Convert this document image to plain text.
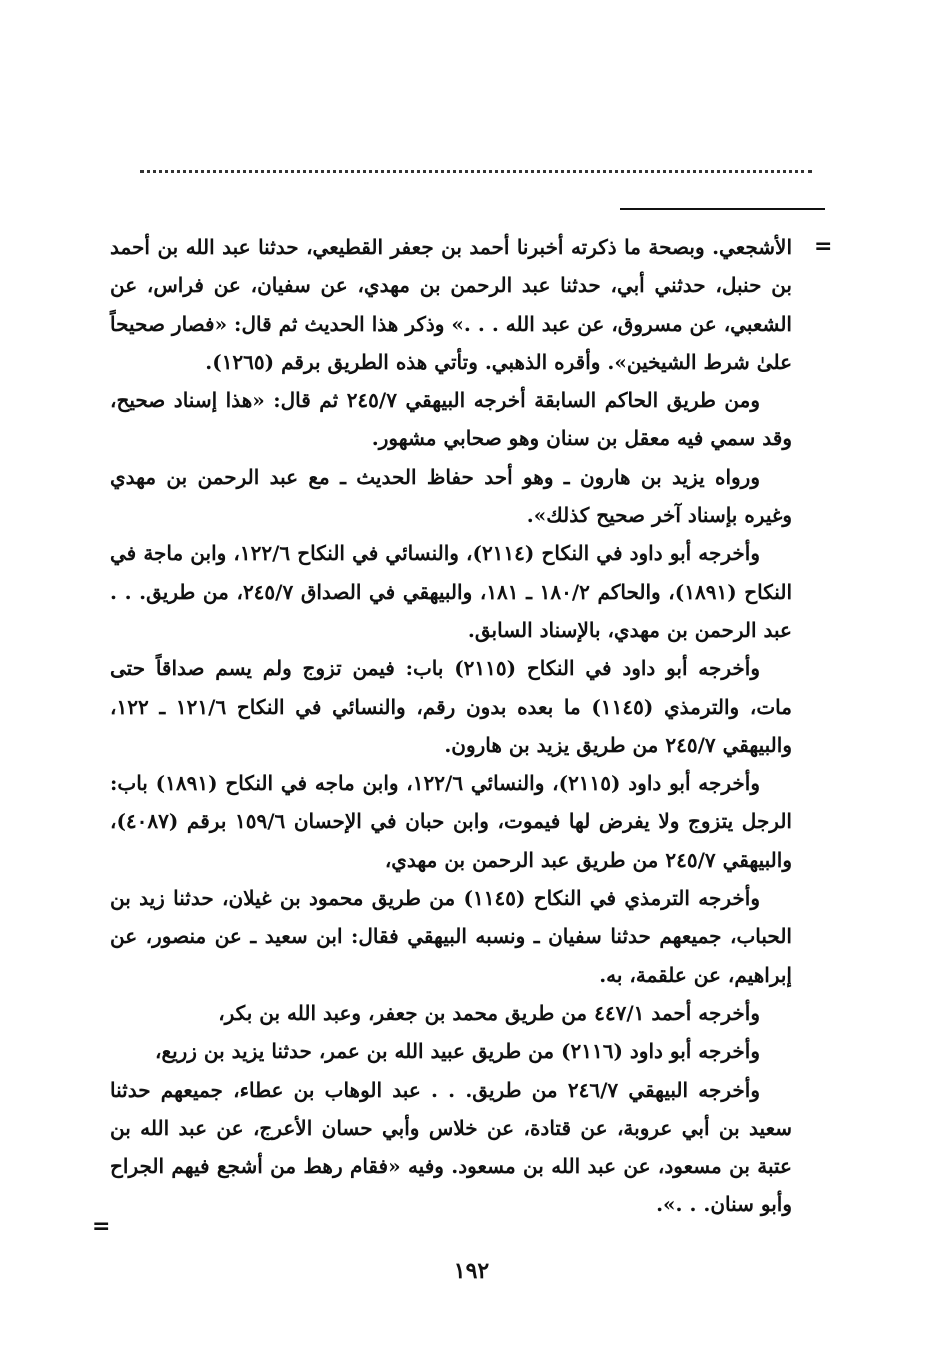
=

الأشجعي. وبصحة ما ذكرته أخبرنا أحمد بن جعفر القطيعي، حدثنا عبد الله بن أحمد بن حنبل، حدثني أبي، حدثنا عبد الرحمن بن مهدي، عن سفيان، عن فراس، عن الشعبي، عن مسروق، عن عبد الله . . .» وذكر هذا الحديث ثم قال: «فصار صحيحاً علىٰ شرط الشيخين». وأقره الذهبي. وتأتي هذه الطريق برقم (١٢٦٥).

ومن طريق الحاكم السابقة أخرجه البيهقي ٢٤٥/٧ ثم قال: «هذا إسناد صحيح، وقد سمي فيه معقل بن سنان وهو صحابي مشهور.

ورواه يزيد بن هارون ـ وهو أحد حفاظ الحديث ـ مع عبد الرحمن بن مهدي وغيره بإسناد آخر صحيح كذلك».

وأخرجه أبو داود في النكاح (٢١١٤)، والنسائي في النكاح ١٢٢/٦، وابن ماجة في النكاح (١٨٩١)، والحاكم ١٨٠/٢ ـ ١٨١، والبيهقي في الصداق ٢٤٥/٧، من طريق. . . عبد الرحمن بن مهدي، بالإسناد السابق.

وأخرجه أبو داود في النكاح (٢١١٥) باب: فيمن تزوج ولم يسم صداقاً حتى مات، والترمذي (١١٤٥) ما بعده بدون رقم، والنسائي في النكاح ١٢١/٦ ـ ١٢٢، والبيهقي ٢٤٥/٧ من طريق يزيد بن هارون.

وأخرجه أبو داود (٢١١٥)، والنسائي ١٢٢/٦، وابن ماجه في النكاح (١٨٩١) باب: الرجل يتزوج ولا يفرض لها فيموت، وابن حبان في الإحسان ١٥٩/٦ برقم (٤٠٨٧)، والبيهقي ٢٤٥/٧ من طريق عبد الرحمن بن مهدي،

وأخرجه الترمذي في النكاح (١١٤٥) من طريق محمود بن غيلان، حدثنا زيد بن الحباب، جميعهم حدثنا سفيان ـ ونسبه البيهقي فقال: ابن سعيد ـ عن منصور، عن إبراهيم، عن علقمة، به.

وأخرجه أحمد ٤٤٧/١ من طريق محمد بن جعفر، وعبد الله بن بكر،

وأخرجه أبو داود (٢١١٦) من طريق عبيد الله بن عمر، حدثنا يزيد بن زريع،

وأخرجه البيهقي ٢٤٦/٧ من طريق. . . عبد الوهاب بن عطاء، جميعهم حدثنا سعيد بن أبي عروبة، عن قتادة، عن خلاس وأبي حسان الأعرج، عن عبد الله بن عتبة بن مسعود، عن عبد الله بن مسعود. وفيه «فقام رهط من أشجع فيهم الجراح وأبو سنان. . .».

=
١٩٢
